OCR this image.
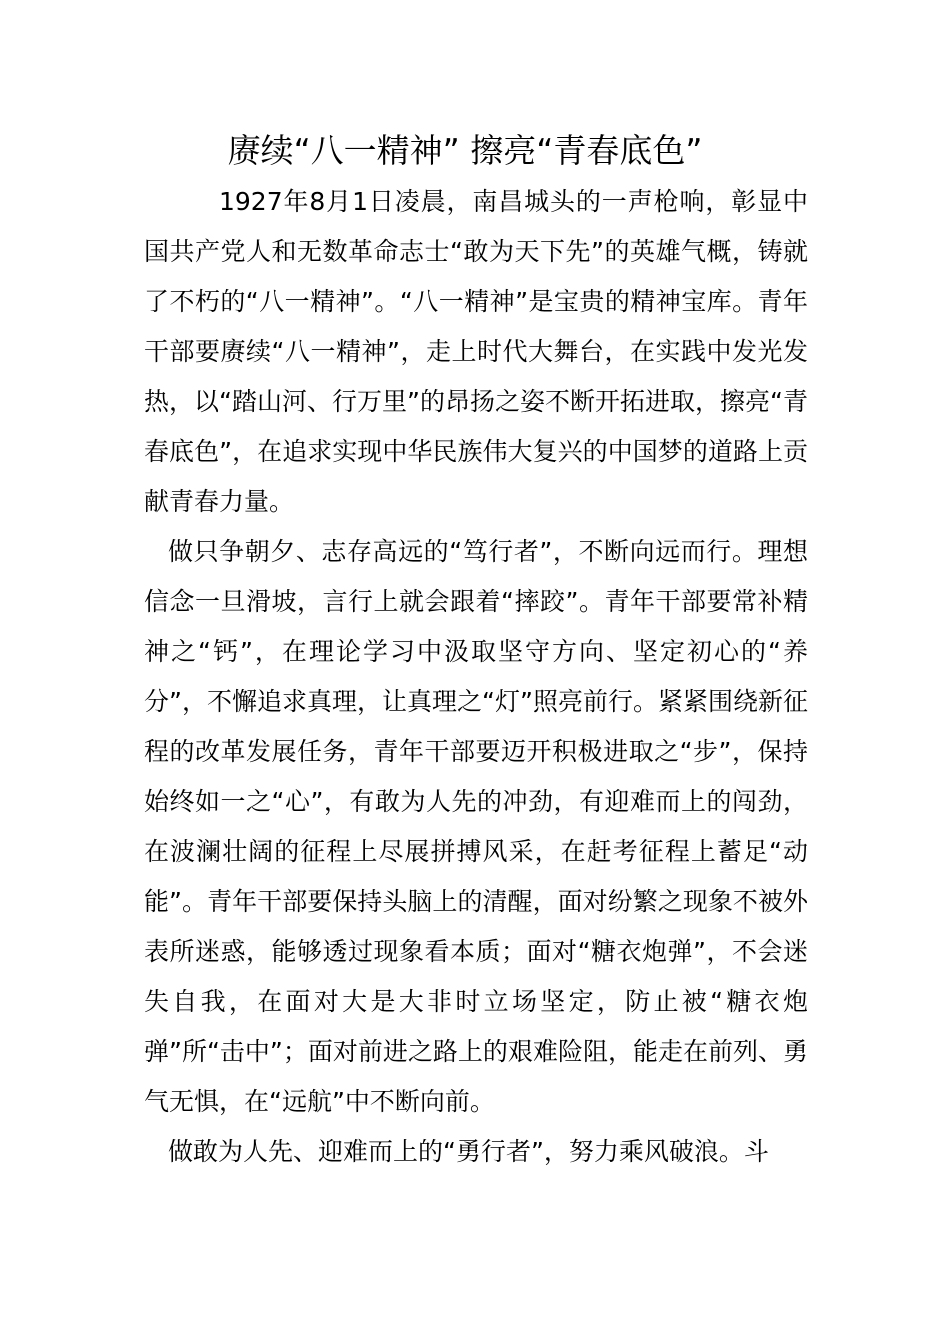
赓续“八一精神” 擦亮“青春底色”

1927年8月1日凌晨，南昌城头的一声枪响，彰显中国共产党人和无数革命志士“敢为天下先”的英雄气概，铸就了不朽的“八一精神”。“八一精神”是宝贵的精神宝库。青年干部要赓续“八一精神”，走上时代大舞台，在实践中发光发热，以“踏山河、行万里”的昂扬之姿不断开拓进取，擦亮“青春底色”，在追求实现中华民族伟大复兴的中国梦的道路上贡献青春力量。

做只争朝夕、志存高远的“笃行者”，不断向远而行。理想信念一旦滑坡，言行上就会跟着“摔跤”。青年干部要常补精神之“钙”，在理论学习中汲取坚守方向、坚定初心的“养分”，不懈追求真理，让真理之“灯”照亮前行。紧紧围绕新征程的改革发展任务，青年干部要迈开积极进取之“步”，保持始终如一之“心”，有敢为人先的冲劲，有迎难而上的闯劲，在波澜壮阔的征程上尽展拼搏风采，在赶考征程上蓄足“动能”。青年干部要保持头脑上的清醒，面对纷繁之现象不被外表所迷惑，能够透过现象看本质；面对“糖衣炮弹”，不会迷失自我，在面对大是大非时立场坚定，防止被“糖衣炮弹”所“击中”；面对前进之路上的艰难险阻，能走在前列、勇气无惧，在“远航”中不断向前。

做敢为人先、迎难而上的“勇行者”，努力乘风破浪。斗
